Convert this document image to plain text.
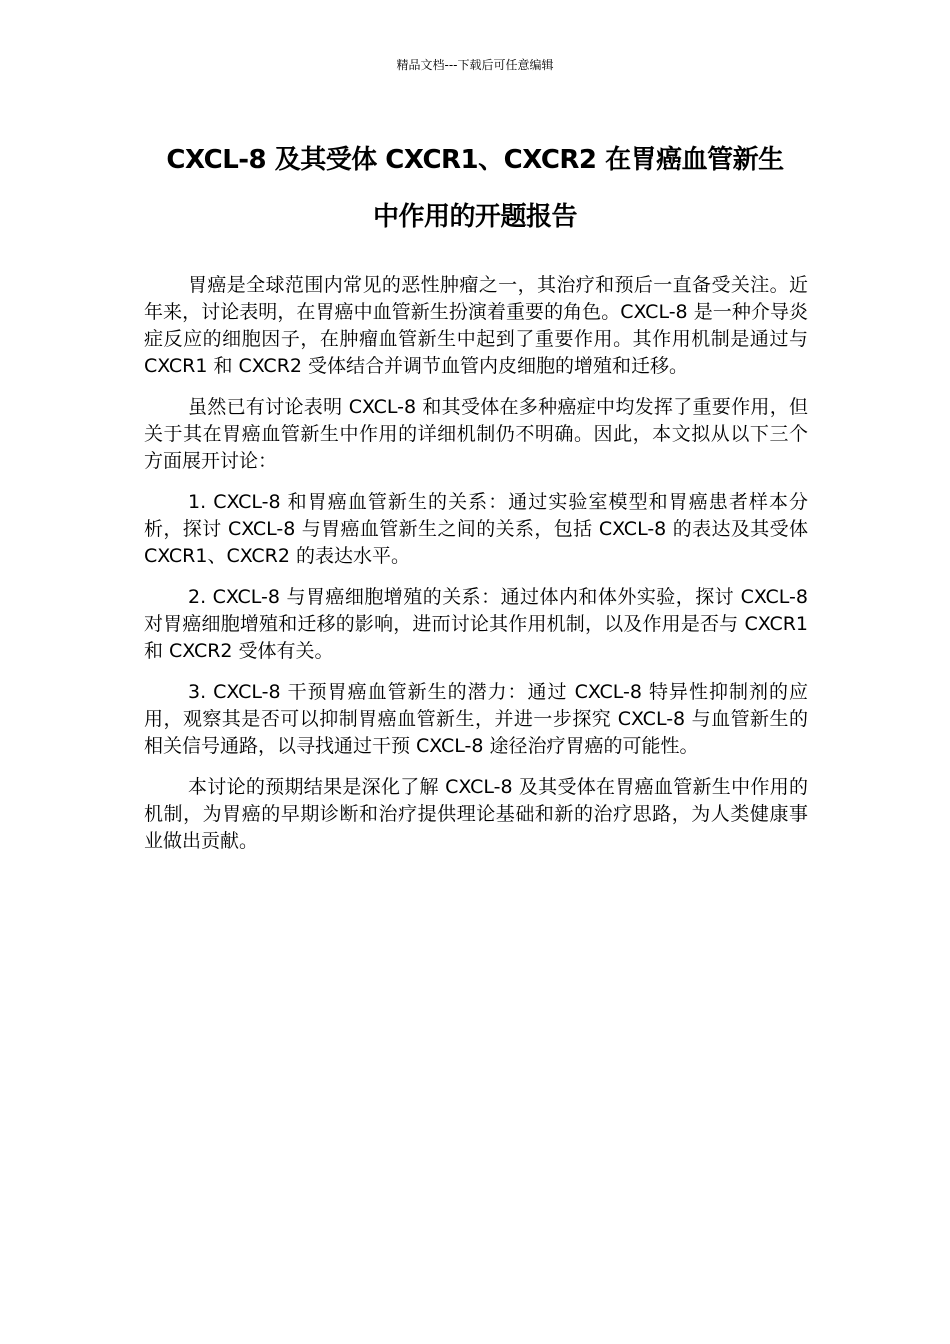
精品文档---下载后可任意编辑
CXCL-8 及其受体 CXCR1、CXCR2 在胃癌血管新生
中作用的开题报告

胃癌是全球范围内常见的恶性肿瘤之一，其治疗和预后一直备受关注。近年来，讨论表明，在胃癌中血管新生扮演着重要的角色。CXCL-8 是一种介导炎症反应的细胞因子，在肿瘤血管新生中起到了重要作用。其作用机制是通过与 CXCR1 和 CXCR2 受体结合并调节血管内皮细胞的增殖和迁移。

虽然已有讨论表明 CXCL-8 和其受体在多种癌症中均发挥了重要作用，但关于其在胃癌血管新生中作用的详细机制仍不明确。因此，本文拟从以下三个方面展开讨论：

1. CXCL-8 和胃癌血管新生的关系：通过实验室模型和胃癌患者样本分析，探讨 CXCL-8 与胃癌血管新生之间的关系，包括 CXCL-8 的表达及其受体 CXCR1、CXCR2 的表达水平。

2. CXCL-8 与胃癌细胞增殖的关系：通过体内和体外实验，探讨 CXCL-8 对胃癌细胞增殖和迁移的影响，进而讨论其作用机制，以及作用是否与 CXCR1 和 CXCR2 受体有关。

3. CXCL-8 干预胃癌血管新生的潜力：通过 CXCL-8 特异性抑制剂的应用，观察其是否可以抑制胃癌血管新生，并进一步探究 CXCL-8 与血管新生的相关信号通路，以寻找通过干预 CXCL-8 途径治疗胃癌的可能性。

本讨论的预期结果是深化了解 CXCL-8 及其受体在胃癌血管新生中作用的机制，为胃癌的早期诊断和治疗提供理论基础和新的治疗思路，为人类健康事业做出贡献。
